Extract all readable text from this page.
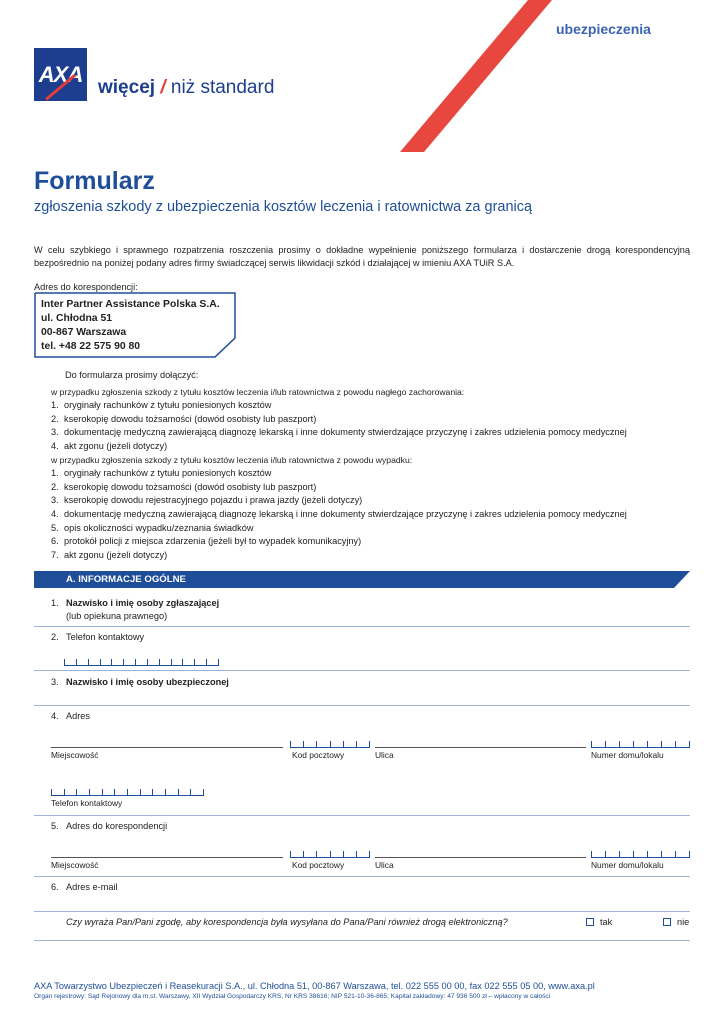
ubezpieczenia
AXA
więcej / niż standard
Formularz
zgłoszenia szkody z ubezpieczenia kosztów leczenia i ratownictwa za granicą
W celu szybkiego i sprawnego rozpatrzenia roszczenia prosimy o dokładne wypełnienie poniższego formularza i dostarczenie drogą korespondencyjną bezpośrednio na poniżej podany adres firmy świadczącej serwis likwidacji szkód i działającej w imieniu AXA TUiR S.A.
Adres do korespondencji:
Inter Partner Assistance Polska S.A.
ul. Chłodna 51
00-867 Warszawa
tel. +48 22 575 90 80
Do formularza prosimy dołączyć:
w przypadku zgłoszenia szkody z tytułu kosztów leczenia i/lub ratownictwa z powodu nagłego zachorowania:
1. oryginały rachunków z tytułu poniesionych kosztów
2. kserokopię dowodu tożsamości (dowód osobisty lub paszport)
3. dokumentację medyczną zawierającą diagnozę lekarską i inne dokumenty stwierdzające przyczynę i zakres udzielenia pomocy medycznej
4. akt zgonu (jeżeli dotyczy)
w przypadku zgłoszenia szkody z tytułu kosztów leczenia i/lub ratownictwa z powodu wypadku:
1. oryginały rachunków z tytułu poniesionych kosztów
2. kserokopię dowodu tożsamości (dowód osobisty lub paszport)
3. kserokopię dowodu rejestracyjnego pojazdu i prawa jazdy (jeżeli dotyczy)
4. dokumentację medyczną zawierającą diagnozę lekarską i inne dokumenty stwierdzające przyczynę i zakres udzielenia pomocy medycznej
5. opis okoliczności wypadku/zeznania świadków
6. protokół policji z miejsca zdarzenia (jeżeli był to wypadek komunikacyjny)
7. akt zgonu (jeżeli dotyczy)
A. INFORMACJE OGÓLNE
1. Nazwisko i imię osoby zgłaszającej
(lub opiekuna prawnego)
2. Telefon kontaktowy
3. Nazwisko i imię osoby ubezpieczonej
4. Adres
Miejscowość	Kod pocztowy	Ulica	Numer domu/lokalu
Telefon kontaktowy
5. Adres do korespondencji
Miejscowość	Kod pocztowy	Ulica	Numer domu/lokalu
6. Adres e-mail
Czy wyraża Pan/Pani zgodę, aby korespondencja była wysyłana do Pana/Pani również drogą elektroniczną?	tak	nie
AXA Towarzystwo Ubezpieczeń i Reasekuracji S.A., ul. Chłodna 51, 00-867 Warszawa, tel. 022 555 00 00, fax 022 555 05 00, www.axa.pl
Organ rejestrowy: Sąd Rejonowy dla m.st. Warszawy, XII Wydział Gospodarczy KRS, Nr KRS 38616; NIP 521-10-36-865; Kapitał zakładowy: 47 936 500 zł – wpłacony w całości
